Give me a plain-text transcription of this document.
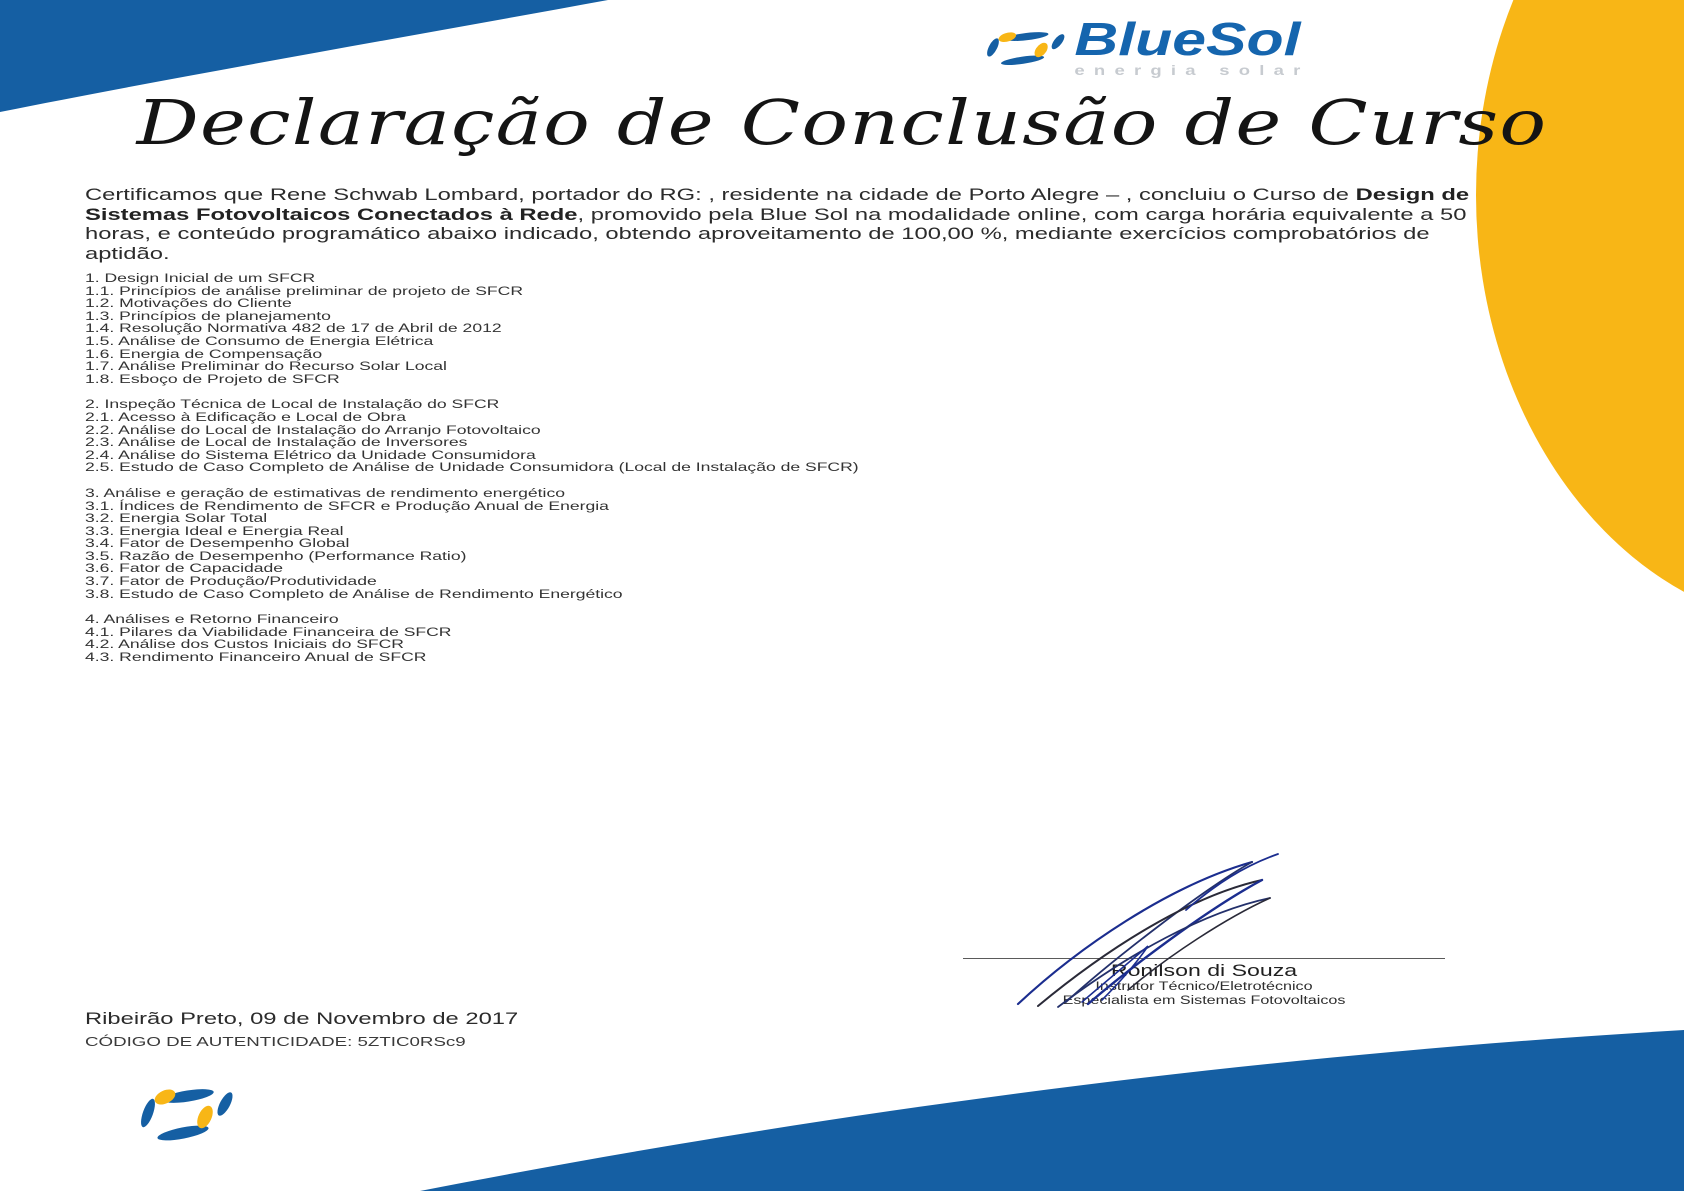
BlueSol
energia solar
Declaração de Conclusão de Curso
Certificamos que Rene Schwab Lombard, portador do RG: , residente na cidade de Porto Alegre – , concluiu o Curso de Design de Sistemas Fotovoltaicos Conectados à Rede, promovido pela Blue Sol na modalidade online, com carga horária equivalente a 50 horas, e conteúdo programático abaixo indicado, obtendo aproveitamento de 100,00 %, mediante exercícios comprobatórios de aptidão.
1. Design Inicial de um SFCR
1.1. Princípios de análise preliminar de projeto de SFCR
1.2. Motivações do Cliente
1.3. Princípios de planejamento
1.4. Resolução Normativa 482 de 17 de Abril de 2012
1.5. Análise de Consumo de Energia Elétrica
1.6. Energia de Compensação
1.7. Análise Preliminar do Recurso Solar Local
1.8. Esboço de Projeto de SFCR
2. Inspeção Técnica de Local de Instalação do SFCR
2.1. Acesso à Edificação e Local de Obra
2.2. Análise do Local de Instalação do Arranjo Fotovoltaico
2.3. Análise de Local de Instalação de Inversores
2.4. Análise do Sistema Elétrico da Unidade Consumidora
2.5. Estudo de Caso Completo de Análise de Unidade Consumidora (Local de Instalação de SFCR)
3. Análise e geração de estimativas de rendimento energético
3.1. Índices de Rendimento de SFCR e Produção Anual de Energia
3.2. Energia Solar Total
3.3. Energia Ideal e Energia Real
3.4. Fator de Desempenho Global
3.5. Razão de Desempenho (Performance Ratio)
3.6. Fator de Capacidade
3.7. Fator de Produção/Produtividade
3.8. Estudo de Caso Completo de Análise de Rendimento Energético
4. Análises e Retorno Financeiro
4.1. Pilares da Viabilidade Financeira de SFCR
4.2. Análise dos Custos Iniciais do SFCR
4.3. Rendimento Financeiro Anual de SFCR
Ribeirão Preto, 09 de Novembro de 2017
CÓDIGO DE AUTENTICIDADE: 5ZTIC0RSc9
Ronilson di Souza
Instrutor Técnico/Eletrotécnico
Especialista em Sistemas Fotovoltaicos
